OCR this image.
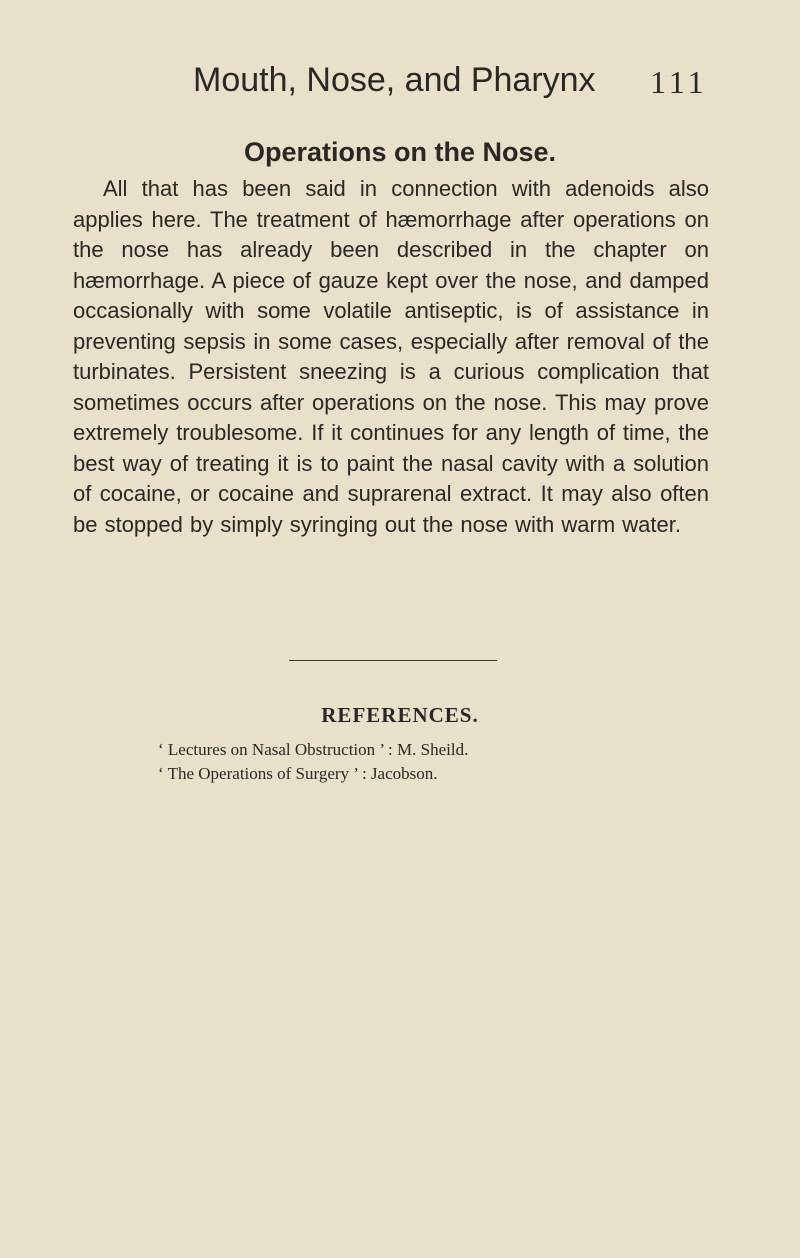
Mouth, Nose, and Pharynx 111
Operations on the Nose.

All that has been said in connection with adenoids also applies here. The treatment of hæmorrhage after operations on the nose has already been described in the chapter on hæmorrhage. A piece of gauze kept over the nose, and damped occasionally with some volatile antiseptic, is of assistance in preventing sepsis in some cases, especially after removal of the turbinates. Persistent sneezing is a curious complication that sometimes occurs after operations on the nose. This may prove extremely troublesome. If it continues for any length of time, the best way of treating it is to paint the nasal cavity with a solution of cocaine, or cocaine and suprarenal extract. It may also often be stopped by simply syringing out the nose with warm water.

REFERENCES.
‘ Lectures on Nasal Obstruction ’ : M. Sheild.
‘ The Operations of Surgery ’ : Jacobson.
